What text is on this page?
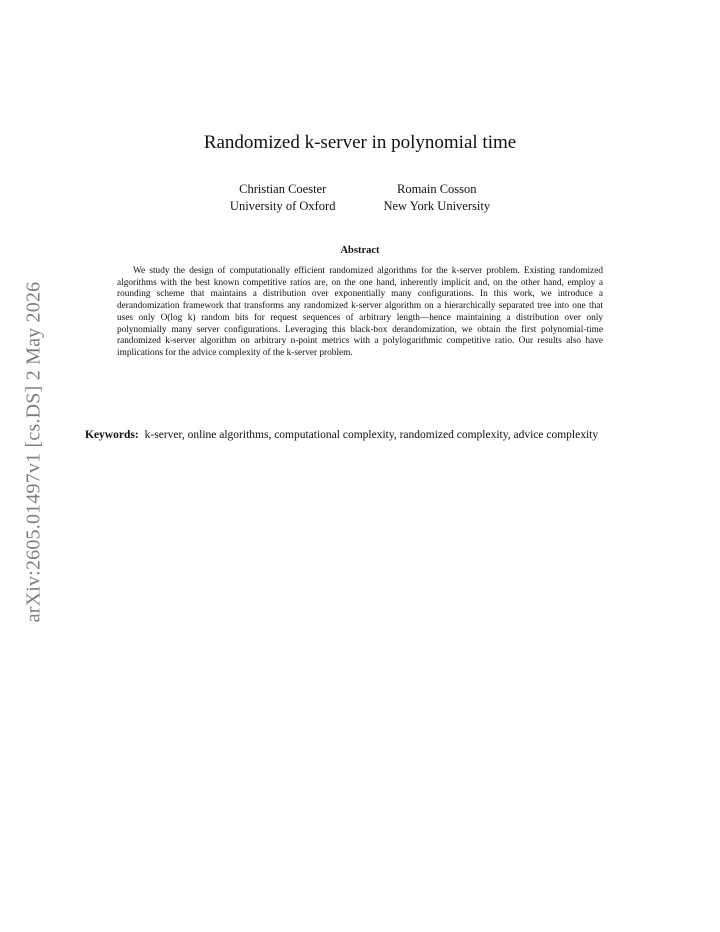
arXiv:2605.01497v1 [cs.DS] 2 May 2026
Randomized k-server in polynomial time
Christian Coester
University of Oxford
Romain Cosson
New York University
Abstract

We study the design of computationally efficient randomized algorithms for the k-server problem. Existing randomized algorithms with the best known competitive ratios are, on the one hand, inherently implicit and, on the other hand, employ a rounding scheme that maintains a distribution over exponentially many configurations. In this work, we introduce a derandomization framework that transforms any randomized k-server algorithm on a hierarchically separated tree into one that uses only O(log k) random bits for request sequences of arbitrary length—hence maintaining a distribution over only polynomially many server configurations. Leveraging this black-box derandomization, we obtain the first polynomial-time randomized k-server algorithm on arbitrary n-point metrics with a polylogarithmic competitive ratio. Our results also have implications for the advice complexity of the k-server problem.

Keywords: k-server, online algorithms, computational complexity, randomized complexity, advice complexity
